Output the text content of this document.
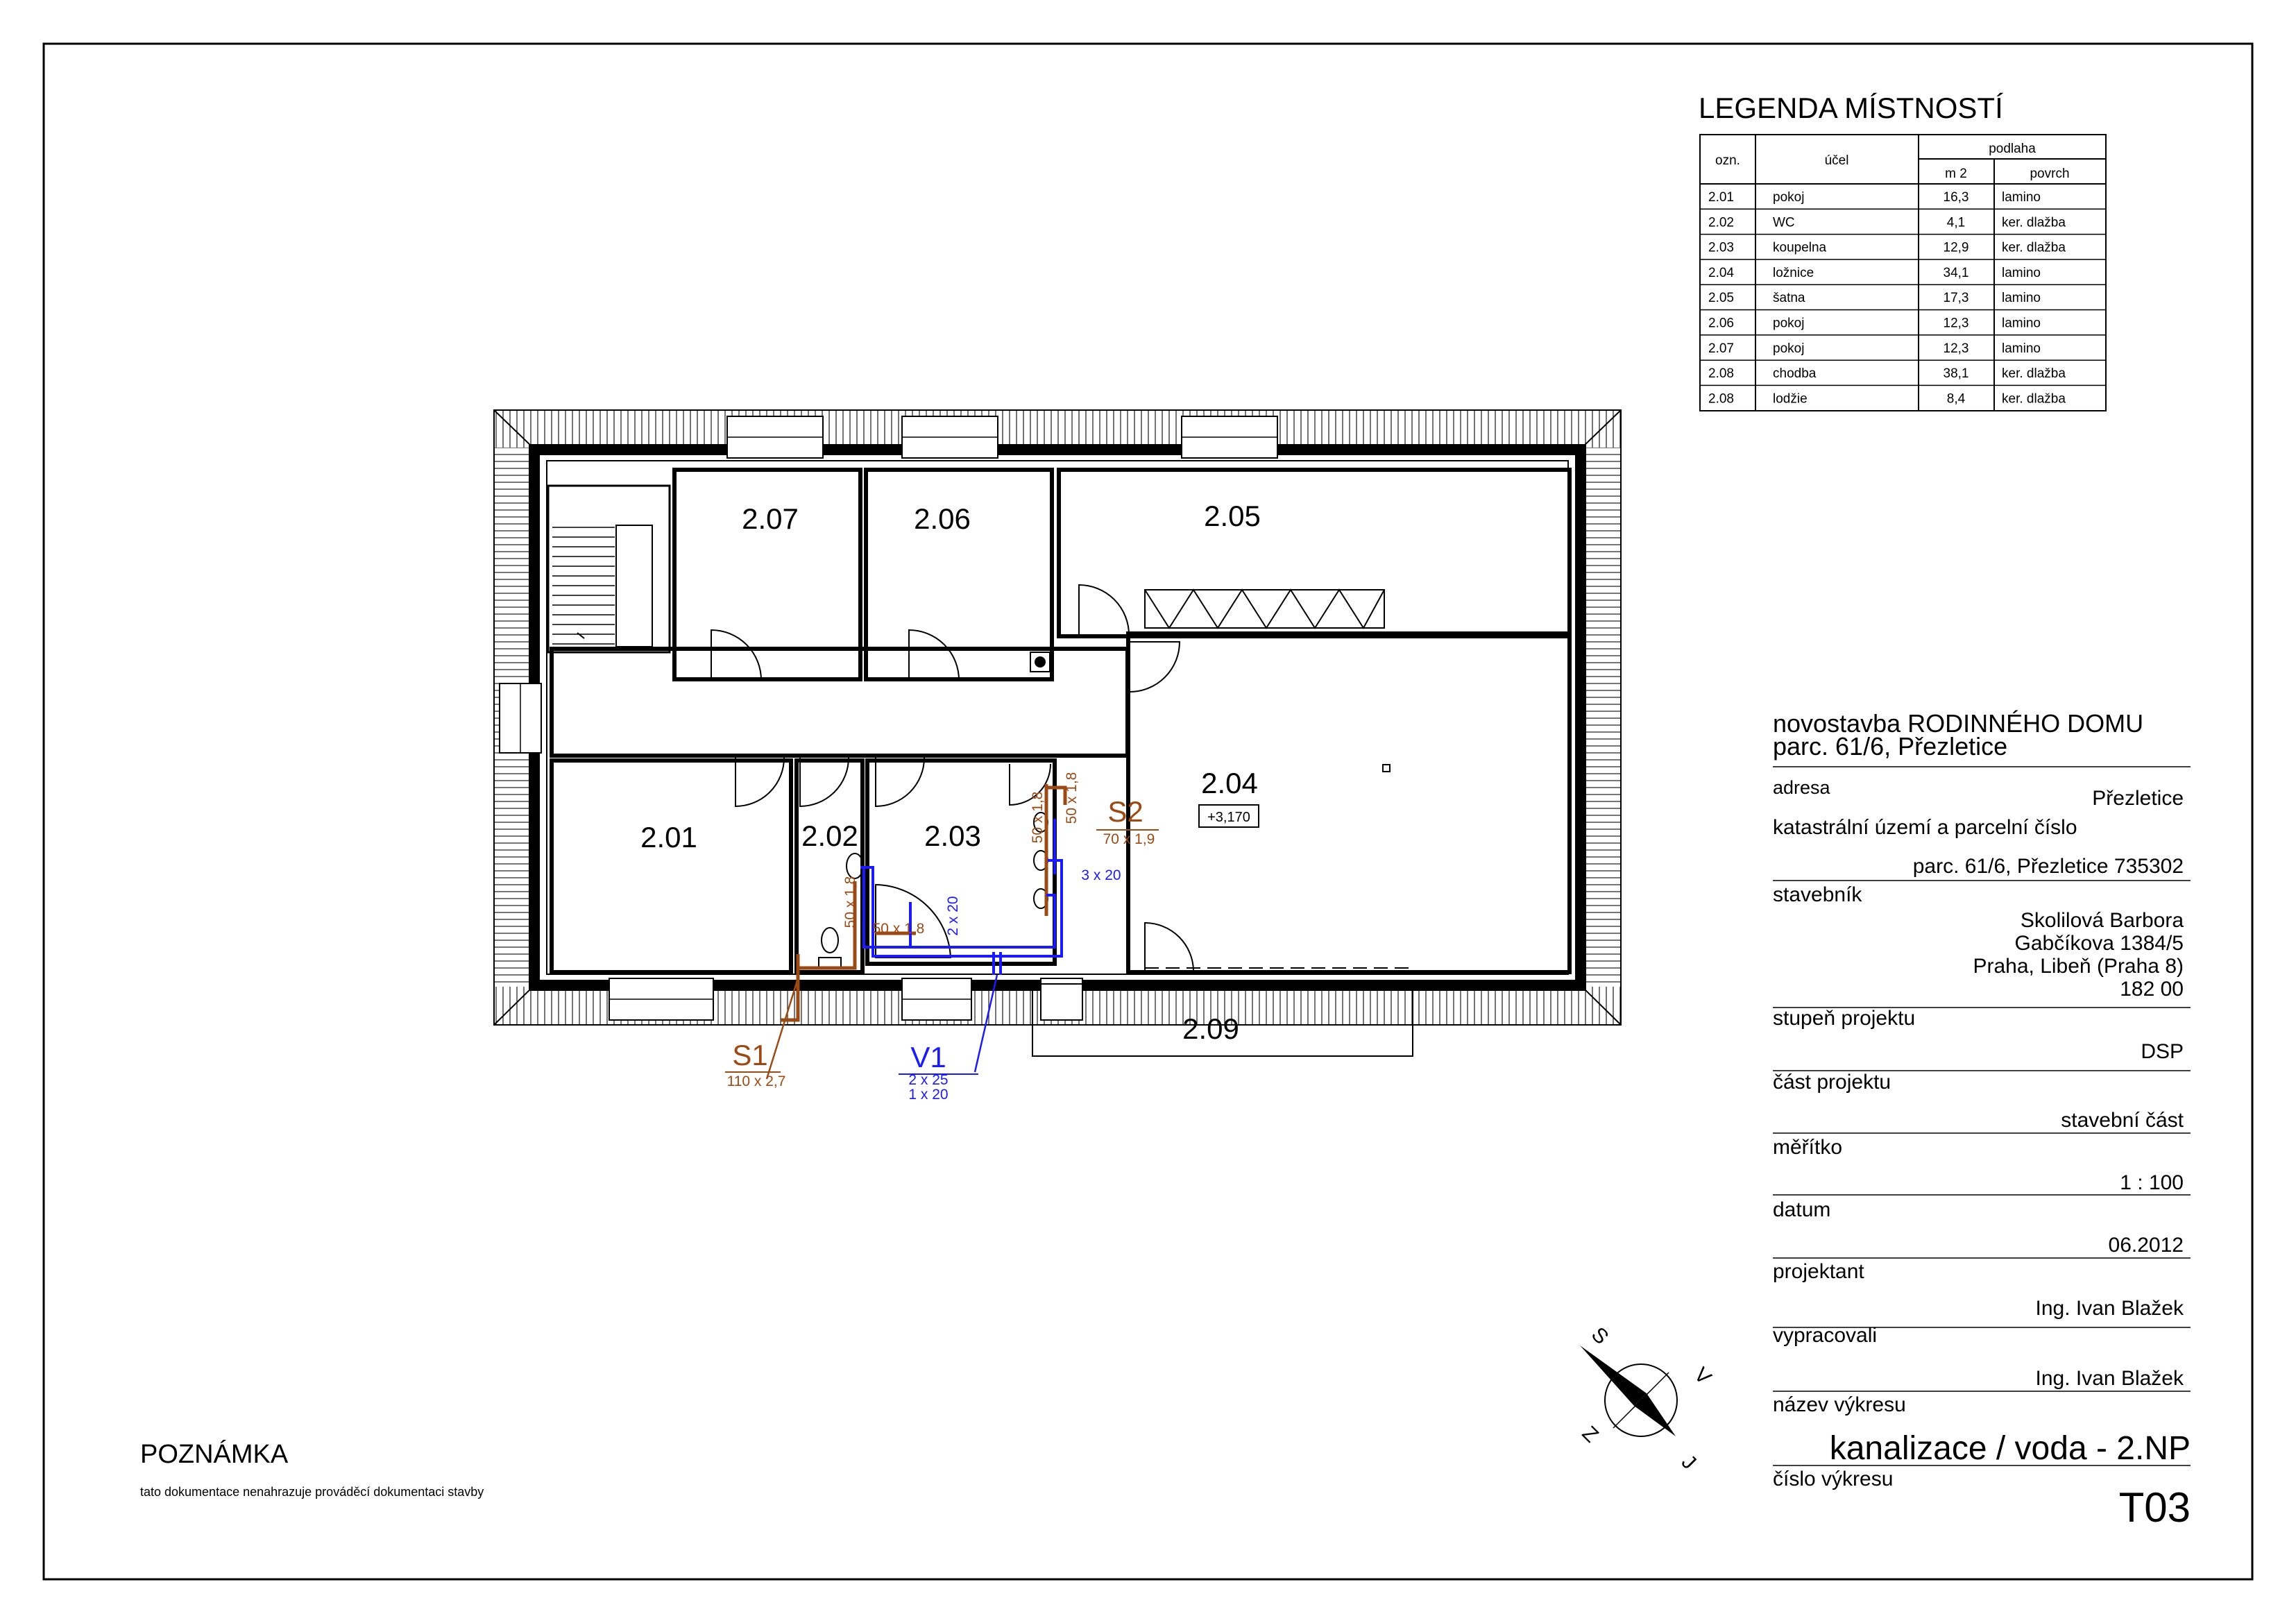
LEGENDA MÍSTNOSTÍ
ozn.	účel
podlaha
m 2	povrch
2.01	pokoj	16,3	lamino
2.02	WC	4,1	ker. dlažba
2.03	koupelna	12,9	ker. dlažba
2.04	ložnice	34,1	lamino
2.05	šatna	17,3	lamino
2.06	pokoj	12,3	lamino
2.07	pokoj	12,3	lamino
2.08	chodba	38,1	ker. dlažba
2.08	lodžie	8,4	ker. dlažba
2.07	2.06	2.05
2.04
2.01	2.02 2.03
2.09
+3,170
S1
110 x 2,7
S2
70 x 1,9
V1
2 x 25
1 x 20
50 x 1,8
50 x 1,8
50 x 1,8 50 x 1,8
2 x 20
3 x 20
novostavba RODINNÉHO DOMU
parc. 61/6, Přezletice
adresa	Přezletice
katastrální území a parcelní číslo
parc. 61/6, Přezletice 735302
stavebník
Skolilová Barbora
Gabčíkova 1384/5
Praha, Libeň (Praha 8)
182 00
stupeň projektu
DSP
část projektu
stavební část
měřítko
1 : 100
datum
06.2012
projektant
Ing. Ivan Blažek
vypracovali
Ing. Ivan Blažek
název výkresu
kanalizace / voda - 2.NP
číslo výkresu
T03
S
V
J
Z
POZNÁMKA
tato dokumentace nenahrazuje prováděcí dokumentaci stavby
